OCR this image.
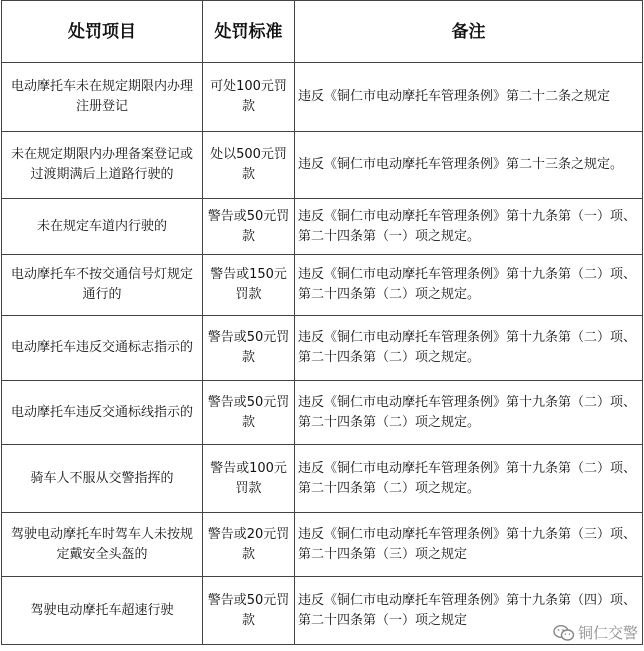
处罚项目	处罚标准	备注
电动摩托车未在规定期限内办理注册登记	可处100元罚款	违反《铜仁市电动摩托车管理条例》第二十二条之规定
未在规定期限内办理备案登记或过渡期满后上道路行驶的	处以500元罚款	违反《铜仁市电动摩托车管理条例》第二十三条之规定。
未在规定车道内行驶的	警告或50元罚款	违反《铜仁市电动摩托车管理条例》第十九条第（一）项、第二十四条第（一）项之规定。
电动摩托车不按交通信号灯规定通行的	警告或150元罚款	违反《铜仁市电动摩托车管理条例》第十九条第（二）项、第二十四条第（二）项之规定。
电动摩托车违反交通标志指示的	警告或50元罚款	违反《铜仁市电动摩托车管理条例》第十九条第（二）项、第二十四条第（二）项之规定。
电动摩托车违反交通标线指示的	警告或50元罚款	违反《铜仁市电动摩托车管理条例》第十九条第（二）项、第二十四条第（二）项之规定。
骑车人不服从交警指挥的	警告或100元罚款	违反《铜仁市电动摩托车管理条例》第十九条第（二）项、第二十四条第（二）项之规定。
驾驶电动摩托车时驾车人未按规定戴安全头盔的	警告或20元罚款	违反《铜仁市电动摩托车管理条例》第十九条第（三）项、第二十四条第（三）项之规定
驾驶电动摩托车超速行驶	警告或50元罚款	违反《铜仁市电动摩托车管理条例》第十九条第（四）项、第二十四条第（一）项之规定
铜仁交警
